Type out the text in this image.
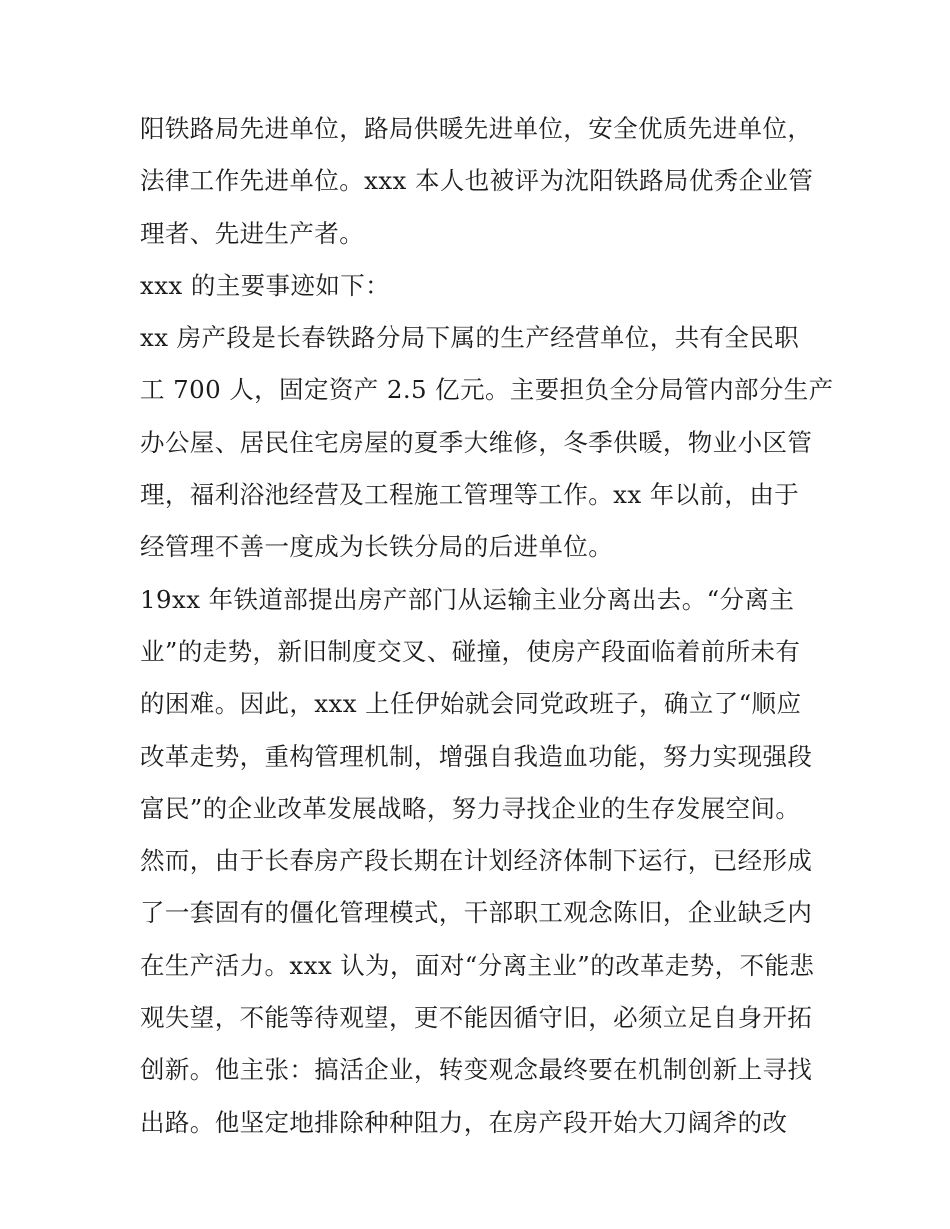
阳铁路局先进单位，路局供暖先进单位，安全优质先进单位，
法律工作先进单位。xxx 本人也被评为沈阳铁路局优秀企业管
理者、先进生产者。
xxx 的主要事迹如下：
xx 房产段是长春铁路分局下属的生产经营单位，共有全民职
工 700 人，固定资产 2.5 亿元。主要担负全分局管内部分生产
办公屋、居民住宅房屋的夏季大维修，冬季供暖，物业小区管
理，福利浴池经营及工程施工管理等工作。xx 年以前，由于
经管理不善一度成为长铁分局的后进单位。
19xx 年铁道部提出房产部门从运输主业分离出去。“分离主
业”的走势，新旧制度交叉、碰撞，使房产段面临着前所未有
的困难。因此，xxx 上任伊始就会同党政班子，确立了“顺应
改革走势，重构管理机制，增强自我造血功能，努力实现强段
富民”的企业改革发展战略，努力寻找企业的生存发展空间。
然而，由于长春房产段长期在计划经济体制下运行，已经形成
了一套固有的僵化管理模式，干部职工观念陈旧，企业缺乏内
在生产活力。xxx 认为，面对“分离主业”的改革走势，不能悲
观失望，不能等待观望，更不能因循守旧，必须立足自身开拓
创新。他主张：搞活企业，转变观念最终要在机制创新上寻找
出路。他坚定地排除种种阻力，在房产段开始大刀阔斧的改
